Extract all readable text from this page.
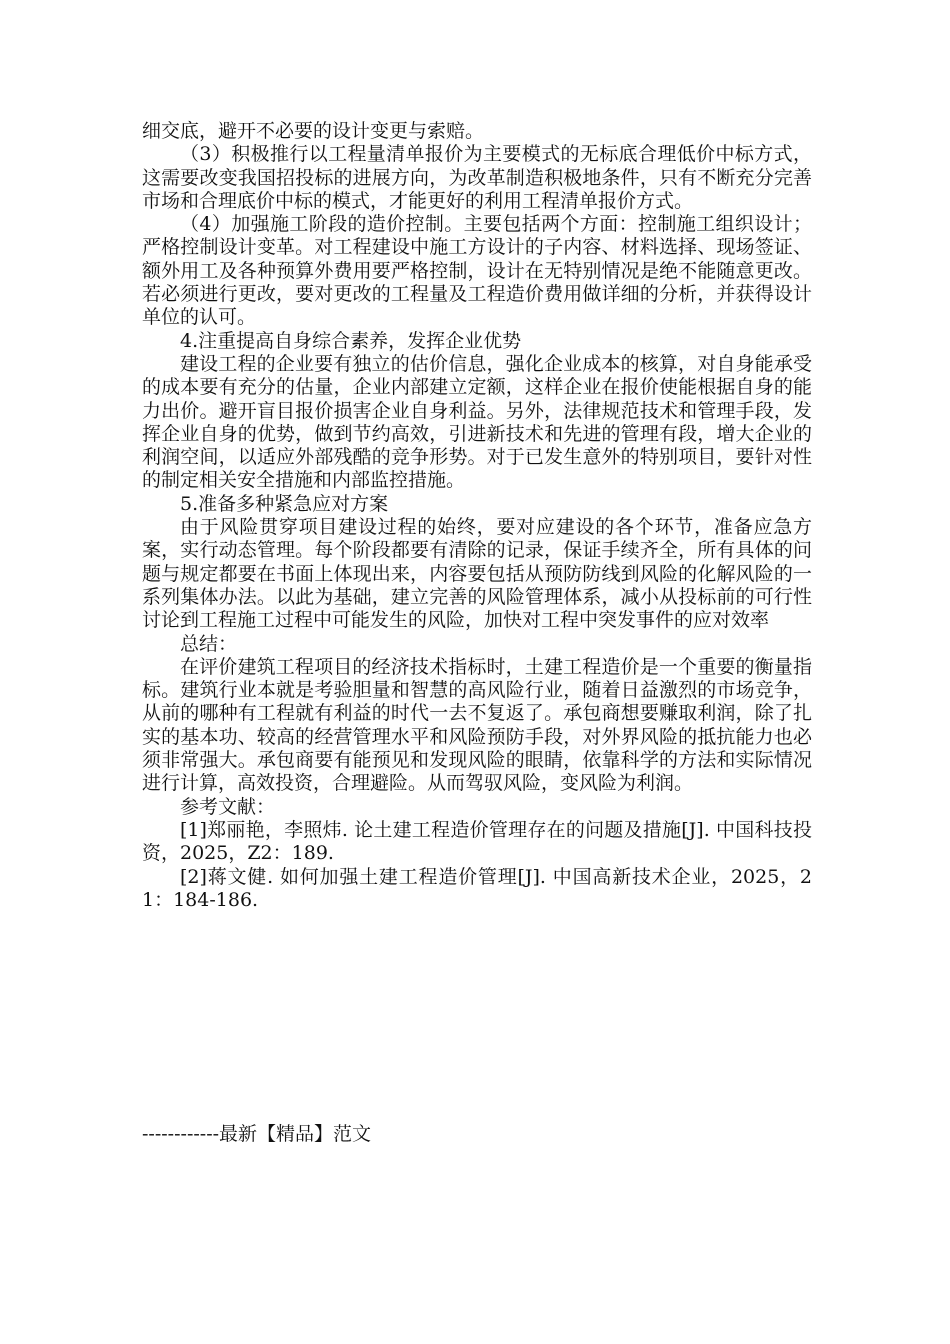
细交底，避开不必要的设计变更与索赔。

（3）积极推行以工程量清单报价为主要模式的无标底合理低价中标方式，这需要改变我国招投标的进展方向，为改革制造积极地条件，只有不断充分完善市场和合理底价中标的模式，才能更好的利用工程清单报价方式。

（4）加强施工阶段的造价控制。主要包括两个方面：控制施工组织设计；严格控制设计变革。对工程建设中施工方设计的子内容、材料选择、现场签证、额外用工及各种预算外费用要严格控制，设计在无特别情况是绝不能随意更改。若必须进行更改，要对更改的工程量及工程造价费用做详细的分析，并获得设计单位的认可。

4.注重提高自身综合素养，发挥企业优势

建设工程的企业要有独立的估价信息，强化企业成本的核算，对自身能承受的成本要有充分的估量，企业内部建立定额，这样企业在报价使能根据自身的能力出价。避开盲目报价损害企业自身利益。另外，法律规范技术和管理手段，发挥企业自身的优势，做到节约高效，引进新技术和先进的管理有段，增大企业的利润空间，以适应外部残酷的竞争形势。对于已发生意外的特别项目，要针对性的制定相关安全措施和内部监控措施。

5.准备多种紧急应对方案

由于风险贯穿项目建设过程的始终，要对应建设的各个环节，准备应急方案，实行动态管理。每个阶段都要有清除的记录，保证手续齐全，所有具体的问题与规定都要在书面上体现出来，内容要包括从预防防线到风险的化解风险的一系列集体办法。以此为基础，建立完善的风险管理体系，减小从投标前的可行性讨论到工程施工过程中可能发生的风险，加快对工程中突发事件的应对效率

总结：

在评价建筑工程项目的经济技术指标时，土建工程造价是一个重要的衡量指标。建筑行业本就是考验胆量和智慧的高风险行业，随着日益激烈的市场竞争，从前的哪种有工程就有利益的时代一去不复返了。承包商想要赚取利润，除了扎实的基本功、较高的经营管理水平和风险预防手段，对外界风险的抵抗能力也必须非常强大。承包商要有能预见和发现风险的眼睛，依靠科学的方法和实际情况进行计算，高效投资，合理避险。从而驾驭风险，变风险为利润。

参考文献：

[1]郑丽艳，李照炜. 论土建工程造价管理存在的问题及措施[J]. 中国科技投资，2025，Z2：189.

[2]蒋文健. 如何加强土建工程造价管理[J]. 中国高新技术企业，2025，21：184-186.

------------最新【精品】范文
